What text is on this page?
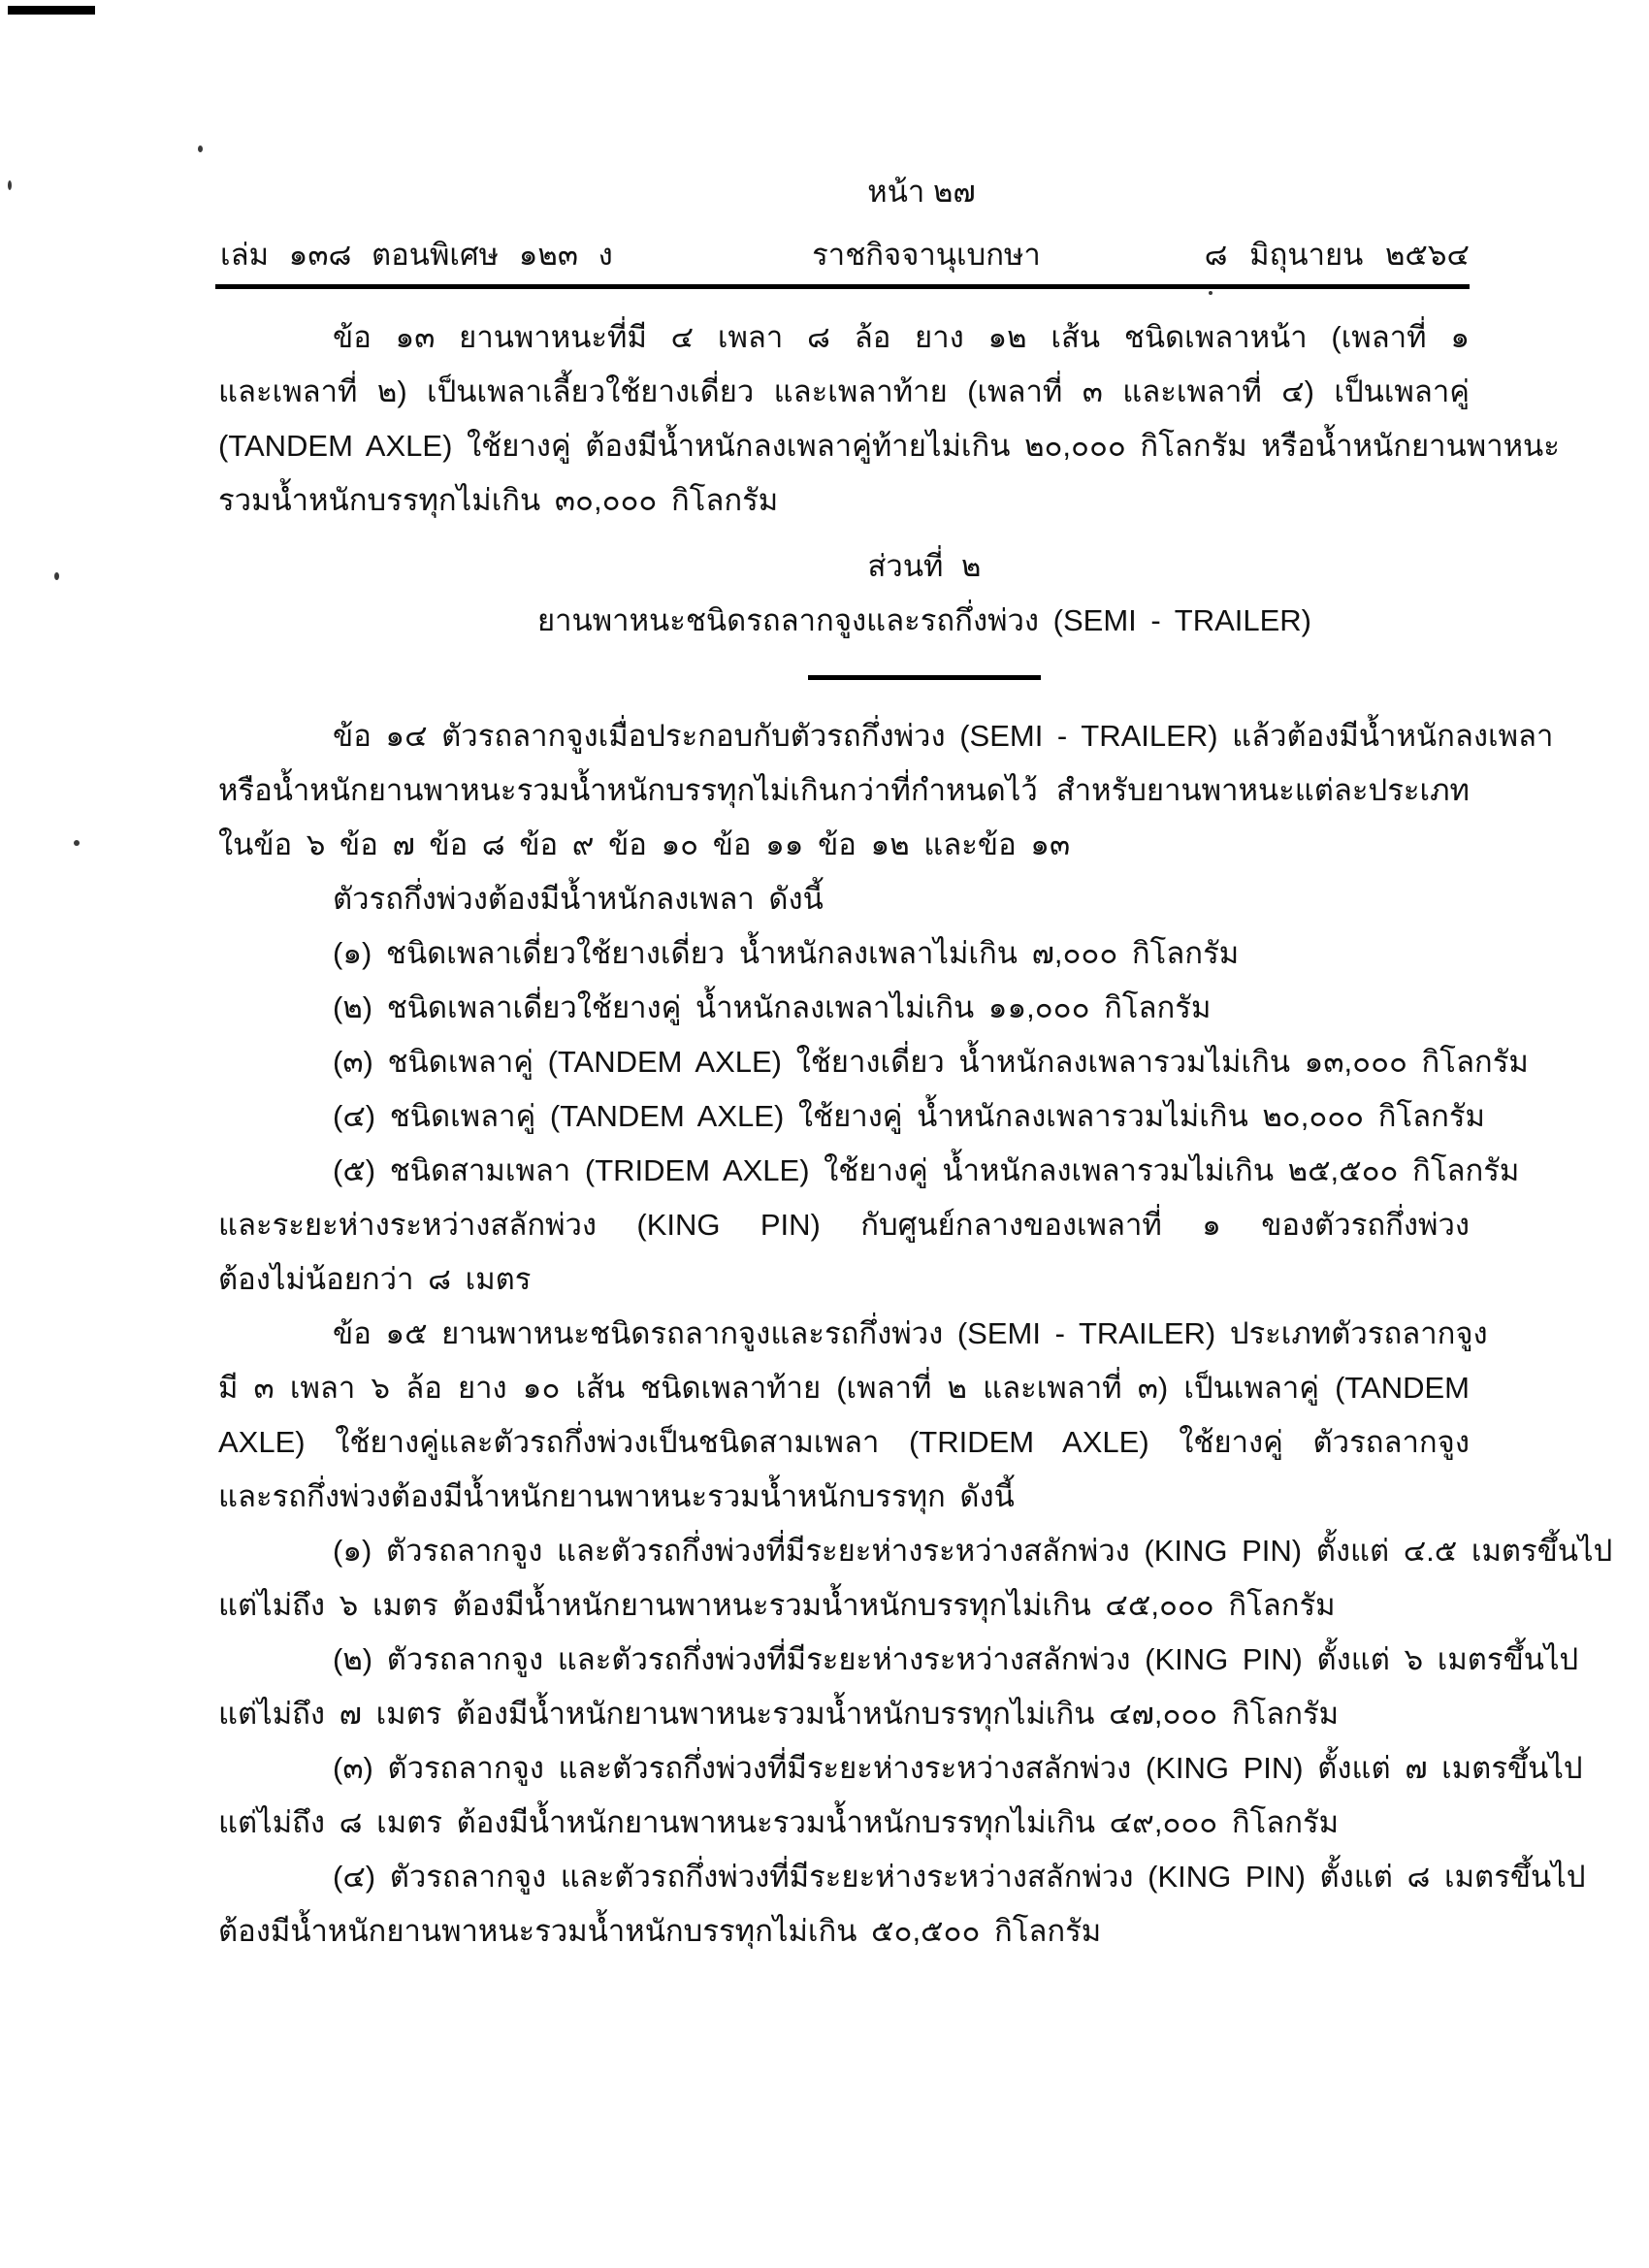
หน้า ๒๗
เล่ม ๑๓๘ ตอนพิเศษ ๑๒๓ ง	ราชกิจจานุเบกษา	๘ มิถุนายน ๒๕๖๔
ข้อ ๑๓ ยานพาหนะที่มี ๔ เพลา ๘ ล้อ ยาง ๑๒ เส้น ชนิดเพลาหน้า (เพลาที่ ๑
และเพลาที่ ๒) เป็นเพลาเลี้ยวใช้ยางเดี่ยว และเพลาท้าย (เพลาที่ ๓ และเพลาที่ ๔) เป็นเพลาคู่
(TANDEM AXLE) ใช้ยางคู่ ต้องมีน้ำหนักลงเพลาคู่ท้ายไม่เกิน ๒๐,๐๐๐ กิโลกรัม หรือน้ำหนักยานพาหนะ
รวมน้ำหนักบรรทุกไม่เกิน ๓๐,๐๐๐ กิโลกรัม
ส่วนที่ ๒
ยานพาหนะชนิดรถลากจูงและรถกึ่งพ่วง (SEMI - TRAILER)
ข้อ ๑๔ ตัวรถลากจูงเมื่อประกอบกับตัวรถกึ่งพ่วง (SEMI - TRAILER) แล้วต้องมีน้ำหนักลงเพลา
หรือน้ำหนักยานพาหนะรวมน้ำหนักบรรทุกไม่เกินกว่าที่กำหนดไว้ สำหรับยานพาหนะแต่ละประเภท
ในข้อ ๖ ข้อ ๗ ข้อ ๘ ข้อ ๙ ข้อ ๑๐ ข้อ ๑๑ ข้อ ๑๒ และข้อ ๑๓
ตัวรถกึ่งพ่วงต้องมีน้ำหนักลงเพลา ดังนี้
(๑) ชนิดเพลาเดี่ยวใช้ยางเดี่ยว น้ำหนักลงเพลาไม่เกิน ๗,๐๐๐ กิโลกรัม
(๒) ชนิดเพลาเดี่ยวใช้ยางคู่ น้ำหนักลงเพลาไม่เกิน ๑๑,๐๐๐ กิโลกรัม
(๓) ชนิดเพลาคู่ (TANDEM AXLE) ใช้ยางเดี่ยว น้ำหนักลงเพลารวมไม่เกิน ๑๓,๐๐๐ กิโลกรัม
(๔) ชนิดเพลาคู่ (TANDEM AXLE) ใช้ยางคู่ น้ำหนักลงเพลารวมไม่เกิน ๒๐,๐๐๐ กิโลกรัม
(๕) ชนิดสามเพลา (TRIDEM AXLE) ใช้ยางคู่ น้ำหนักลงเพลารวมไม่เกิน ๒๕,๕๐๐ กิโลกรัม
และระยะห่างระหว่างสลักพ่วง (KING PIN) กับศูนย์กลางของเพลาที่ ๑ ของตัวรถกึ่งพ่วง
ต้องไม่น้อยกว่า ๘ เมตร
ข้อ ๑๕ ยานพาหนะชนิดรถลากจูงและรถกึ่งพ่วง (SEMI - TRAILER) ประเภทตัวรถลากจูง
มี ๓ เพลา ๖ ล้อ ยาง ๑๐ เส้น ชนิดเพลาท้าย (เพลาที่ ๒ และเพลาที่ ๓) เป็นเพลาคู่ (TANDEM
AXLE) ใช้ยางคู่และตัวรถกึ่งพ่วงเป็นชนิดสามเพลา (TRIDEM AXLE) ใช้ยางคู่ ตัวรถลากจูง
และรถกึ่งพ่วงต้องมีน้ำหนักยานพาหนะรวมน้ำหนักบรรทุก ดังนี้
(๑) ตัวรถลากจูง และตัวรถกึ่งพ่วงที่มีระยะห่างระหว่างสลักพ่วง (KING PIN) ตั้งแต่ ๔.๕ เมตรขึ้นไป
แต่ไม่ถึง ๖ เมตร ต้องมีน้ำหนักยานพาหนะรวมน้ำหนักบรรทุกไม่เกิน ๔๕,๐๐๐ กิโลกรัม
(๒) ตัวรถลากจูง และตัวรถกึ่งพ่วงที่มีระยะห่างระหว่างสลักพ่วง (KING PIN) ตั้งแต่ ๖ เมตรขึ้นไป
แต่ไม่ถึง ๗ เมตร ต้องมีน้ำหนักยานพาหนะรวมน้ำหนักบรรทุกไม่เกิน ๔๗,๐๐๐ กิโลกรัม
(๓) ตัวรถลากจูง และตัวรถกึ่งพ่วงที่มีระยะห่างระหว่างสลักพ่วง (KING PIN) ตั้งแต่ ๗ เมตรขึ้นไป
แต่ไม่ถึง ๘ เมตร ต้องมีน้ำหนักยานพาหนะรวมน้ำหนักบรรทุกไม่เกิน ๔๙,๐๐๐ กิโลกรัม
(๔) ตัวรถลากจูง และตัวรถกึ่งพ่วงที่มีระยะห่างระหว่างสลักพ่วง (KING PIN) ตั้งแต่ ๘ เมตรขึ้นไป
ต้องมีน้ำหนักยานพาหนะรวมน้ำหนักบรรทุกไม่เกิน ๕๐,๕๐๐ กิโลกรัม
